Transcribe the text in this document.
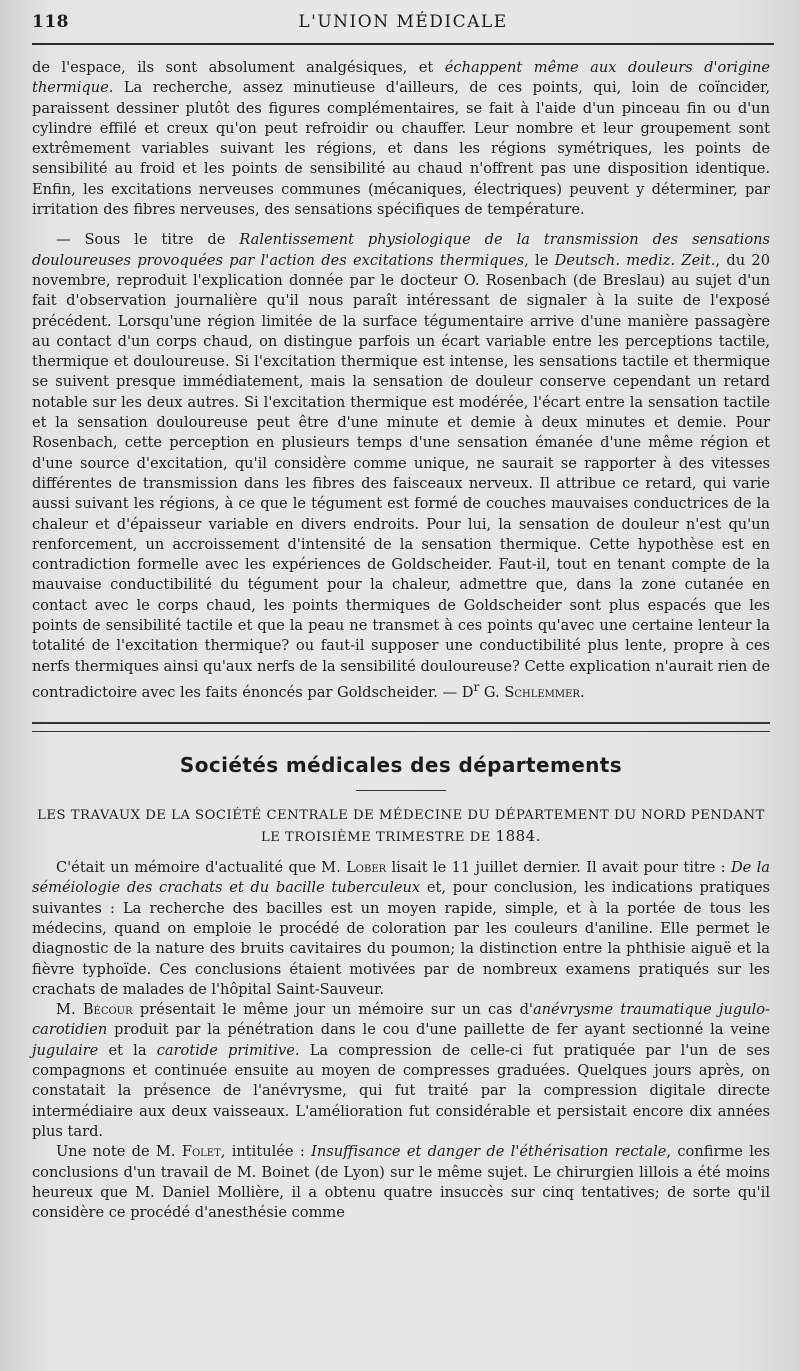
118	L'UNION MÉDICALE

de l'espace, ils sont absolument analgésiques, et échappent même aux douleurs d'origine thermique. La recherche, assez minutieuse d'ailleurs, de ces points, qui, loin de coïncider, paraissent dessiner plutôt des figures complémentaires, se fait à l'aide d'un pinceau fin ou d'un cylindre effilé et creux qu'on peut refroidir ou chauffer. Leur nombre et leur groupement sont extrêmement variables suivant les régions, et dans les régions symétriques, les points de sensibilité au froid et les points de sensibilité au chaud n'offrent pas une disposition identique. Enfin, les excitations nerveuses communes (mécaniques, électriques) peuvent y déterminer, par irritation des fibres nerveuses, des sensations spécifiques de température.

— Sous le titre de Ralentissement physiologique de la transmission des sensations douloureuses provoquées par l'action des excitations thermiques, le Deutsch. mediz. Zeit., du 20 novembre, reproduit l'explication donnée par le docteur O. Rosenbach (de Breslau) au sujet d'un fait d'observation journalière qu'il nous paraît intéressant de signaler à la suite de l'exposé précédent. Lorsqu'une région limitée de la surface tégumentaire arrive d'une manière passagère au contact d'un corps chaud, on distingue parfois un écart variable entre les perceptions tactile, thermique et douloureuse. Si l'excitation thermique est intense, les sensations tactile et thermique se suivent presque immédiatement, mais la sensation de douleur conserve cependant un retard notable sur les deux autres. Si l'excitation thermique est modérée, l'écart entre la sensation tactile et la sensation douloureuse peut être d'une minute et demie à deux minutes et demie. Pour Rosenbach, cette perception en plusieurs temps d'une sensation émanée d'une même région et d'une source d'excitation, qu'il considère comme unique, ne saurait se rapporter à des vitesses différentes de transmission dans les fibres des faisceaux nerveux. Il attribue ce retard, qui varie aussi suivant les régions, à ce que le tégument est formé de couches mauvaises conductrices de la chaleur et d'épaisseur variable en divers endroits. Pour lui, la sensation de douleur n'est qu'un renforcement, un accroissement d'intensité de la sensation thermique. Cette hypothèse est en contradiction formelle avec les expériences de Goldscheider. Faut-il, tout en tenant compte de la mauvaise conductibilité du tégument pour la chaleur, admettre que, dans la zone cutanée en contact avec le corps chaud, les points thermiques de Goldscheider sont plus espacés que les points de sensibilité tactile et que la peau ne transmet à ces points qu'avec une certaine lenteur la totalité de l'excitation thermique? ou faut-il supposer une conductibilité plus lente, propre à ces nerfs thermiques ainsi qu'aux nerfs de la sensibilité douloureuse? Cette explication n'aurait rien de contradictoire avec les faits énoncés par Goldscheider. — $D^r$ G. Schlemmer.

Sociétés médicales des départements
LES TRAVAUX DE LA SOCIÉTÉ CENTRALE DE MÉDECINE DU DÉPARTEMENT DU NORD PENDANT LE TROISIÈME TRIMESTRE DE 1884.

C'était un mémoire d'actualité que M. Lober lisait le 11 juillet dernier. Il avait pour titre : De la séméiologie des crachats et du bacille tuberculeux et, pour conclusion, les indications pratiques suivantes : La recherche des bacilles est un moyen rapide, simple, et à la portée de tous les médecins, quand on emploie le procédé de coloration par les couleurs d'aniline. Elle permet le diagnostic de la nature des bruits cavitaires du poumon; la distinction entre la phthisie aiguë et la fièvre typhoïde. Ces conclusions étaient motivées par de nombreux examens pratiqués sur les crachats de malades de l'hôpital Saint-Sauveur.

M. Bécour présentait le même jour un mémoire sur un cas d'anévrysme traumatique jugulo-carotidien produit par la pénétration dans le cou d'une paillette de fer ayant sectionné la veine jugulaire et la carotide primitive. La compression de celle-ci fut pratiquée par l'un de ses compagnons et continuée ensuite au moyen de compresses graduées. Quelques jours après, on constatait la présence de l'anévrysme, qui fut traité par la compression digitale directe intermédiaire aux deux vaisseaux. L'amélioration fut considérable et persistait encore dix années plus tard.

Une note de M. Folet, intitulée : Insuffisance et danger de l'éthérisation rectale, confirme les conclusions d'un travail de M. Boinet (de Lyon) sur le même sujet. Le chirurgien lillois a été moins heureux que M. Daniel Mollière, il a obtenu quatre insuccès sur cinq tentatives; de sorte qu'il considère ce procédé d'anesthésie comme
